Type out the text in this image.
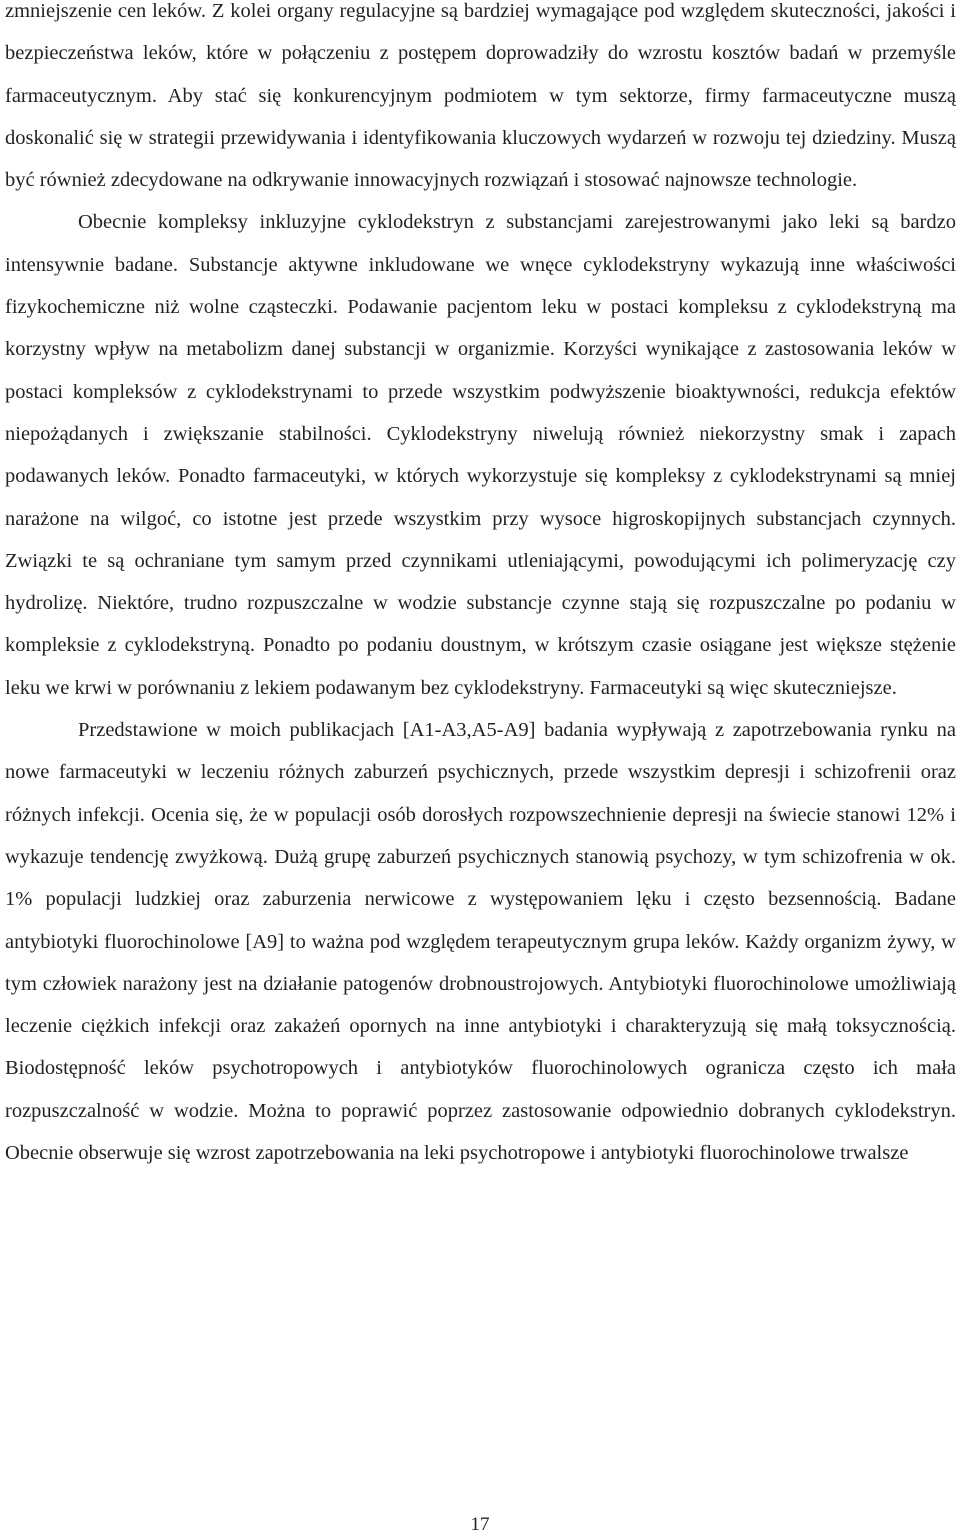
zmniejszenie cen leków. Z kolei organy regulacyjne są bardziej wymagające pod względem skuteczności, jakości i bezpieczeństwa leków, które w połączeniu z postępem doprowadziły do wzrostu kosztów badań w przemyśle farmaceutycznym. Aby stać się konkurencyjnym podmiotem w tym sektorze, firmy farmaceutyczne muszą doskonalić się w strategii przewidywania i identyfikowania kluczowych wydarzeń w rozwoju tej dziedziny. Muszą być również zdecydowane na odkrywanie innowacyjnych rozwiązań i stosować najnowsze technologie.

Obecnie kompleksy inkluzyjne cyklodekstryn z substancjami zarejestrowanymi jako leki są bardzo intensywnie badane. Substancje aktywne inkludowane we wnęce cyklodekstryny wykazują inne właściwości fizykochemiczne niż wolne cząsteczki. Podawanie pacjentom leku w postaci kompleksu z cyklodekstryną ma korzystny wpływ na metabolizm danej substancji w organizmie. Korzyści wynikające z zastosowania leków w postaci kompleksów z cyklodekstrynami to przede wszystkim podwyższenie bioaktywności, redukcja efektów niepożądanych i zwiększanie stabilności. Cyklodekstryny niwelują również niekorzystny smak i zapach podawanych leków. Ponadto farmaceutyki, w których wykorzystuje się kompleksy z cyklodekstrynami są mniej narażone na wilgoć, co istotne jest przede wszystkim przy wysoce higroskopijnych substancjach czynnych. Związki te są ochraniane tym samym przed czynnikami utleniającymi, powodującymi ich polimeryzację czy hydrolizę. Niektóre, trudno rozpuszczalne w wodzie substancje czynne stają się rozpuszczalne po podaniu w kompleksie z cyklodekstryną. Ponadto po podaniu doustnym, w krótszym czasie osiągane jest większe stężenie leku we krwi w porównaniu z lekiem podawanym bez cyklodekstryny. Farmaceutyki są więc skuteczniejsze.

Przedstawione w moich publikacjach [A1-A3,A5-A9] badania wypływają z zapotrzebowania rynku na nowe farmaceutyki w leczeniu różnych zaburzeń psychicznych, przede wszystkim depresji i schizofrenii oraz różnych infekcji. Ocenia się, że w populacji osób dorosłych rozpowszechnienie depresji na świecie stanowi 12% i wykazuje tendencję zwyżkową. Dużą grupę zaburzeń psychicznych stanowią psychozy, w tym schizofrenia w ok. 1% populacji ludzkiej oraz zaburzenia nerwicowe z występowaniem lęku i często bezsennością. Badane antybiotyki fluorochinolowe [A9] to ważna pod względem terapeutycznym grupa leków. Każdy organizm żywy, w tym człowiek narażony jest na działanie patogenów drobnoustrojowych. Antybiotyki fluorochinolowe umożliwiają leczenie ciężkich infekcji oraz zakażeń opornych na inne antybiotyki i charakteryzują się małą toksycznością. Biodostępność leków psychotropowych i antybiotyków fluorochinolowych ogranicza często ich mała rozpuszczalność w wodzie. Można to poprawić poprzez zastosowanie odpowiednio dobranych cyklodekstryn. Obecnie obserwuje się wzrost zapotrzebowania na leki psychotropowe i antybiotyki fluorochinolowe trwalsze

17
